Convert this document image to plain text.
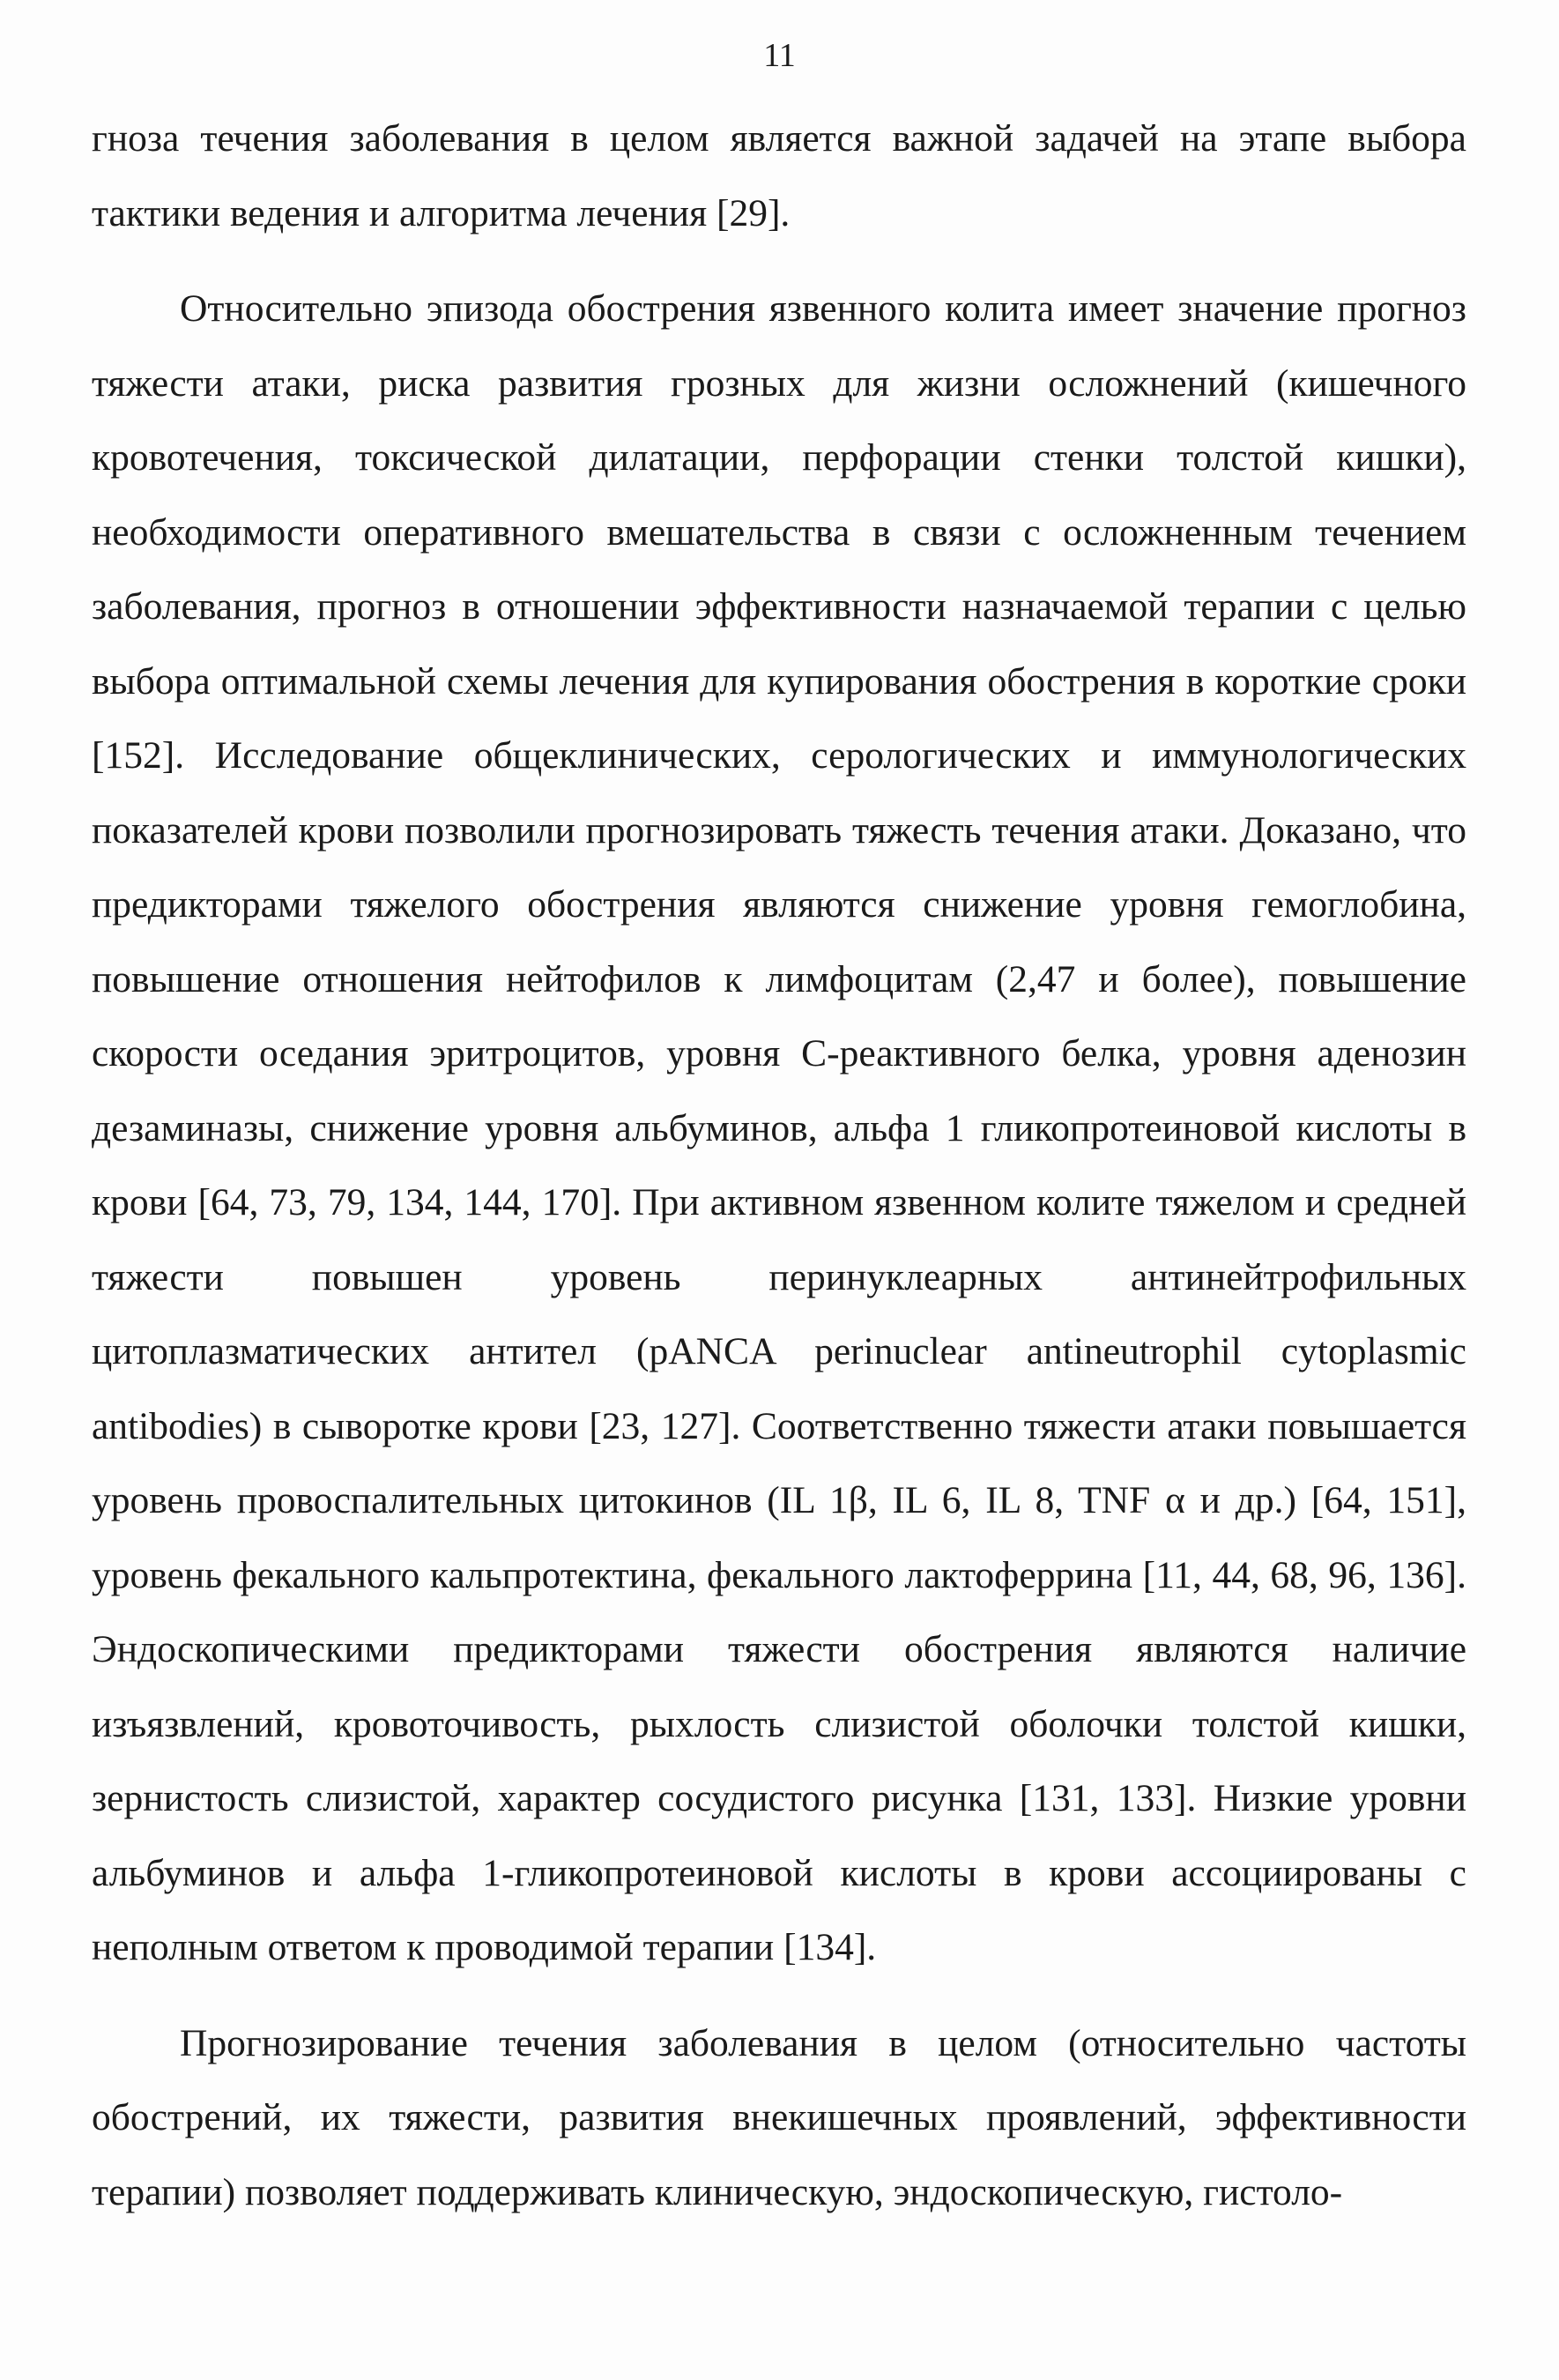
11

гноза течения заболевания в целом является важной задачей на этапе выбора тактики ведения и алгоритма лечения [29].

Относительно эпизода обострения язвенного колита имеет значение прогноз тяжести атаки, риска развития грозных для жизни осложнений (кишечного кровотечения, токсической дилатации, перфорации стенки толстой кишки), необходимости оперативного вмешательства в связи с осложненным течением заболевания, прогноз в отношении эффективности назначаемой терапии с целью выбора оптимальной схемы лечения для купирования обострения в короткие сроки [152]. Исследование общеклинических, серологических и иммунологических показателей крови позволили прогнозировать тяжесть течения атаки. Доказано, что предикторами тяжелого обострения являются снижение уровня гемоглобина, повышение отношения нейтофилов к лимфоцитам (2,47 и более), повышение скорости оседания эритроцитов, уровня С-реактивного белка, уровня аденозин дезаминазы, снижение уровня альбуминов, альфа 1 гликопротеиновой кислоты в крови [64, 73, 79, 134, 144, 170]. При активном язвенном колите тяжелом и средней тяжести повышен уровень перинуклеарных антинейтрофильных цитоплазматических антител (pANCA perinuclear antineutrophil cytoplasmic antibodies) в сыворотке крови [23, 127]. Соответственно тяжести атаки повышается уровень провоспалительных цитокинов (IL 1β, IL 6, IL 8, TNF α и др.) [64, 151], уровень фекального кальпротектина, фекального лактоферрина [11, 44, 68, 96, 136]. Эндоскопическими предикторами тяжести обострения являются наличие изъязвлений, кровоточивость, рыхлость слизистой оболочки толстой кишки, зернистость слизистой, характер сосудистого рисунка [131, 133]. Низкие уровни альбуминов и альфа 1-гликопротеиновой кислоты в крови ассоциированы с неполным ответом к проводимой терапии [134].

Прогнозирование течения заболевания в целом (относительно частоты обострений, их тяжести, развития внекишечных проявлений, эффективности терапии) позволяет поддерживать клиническую, эндоскопическую, гистоло-
